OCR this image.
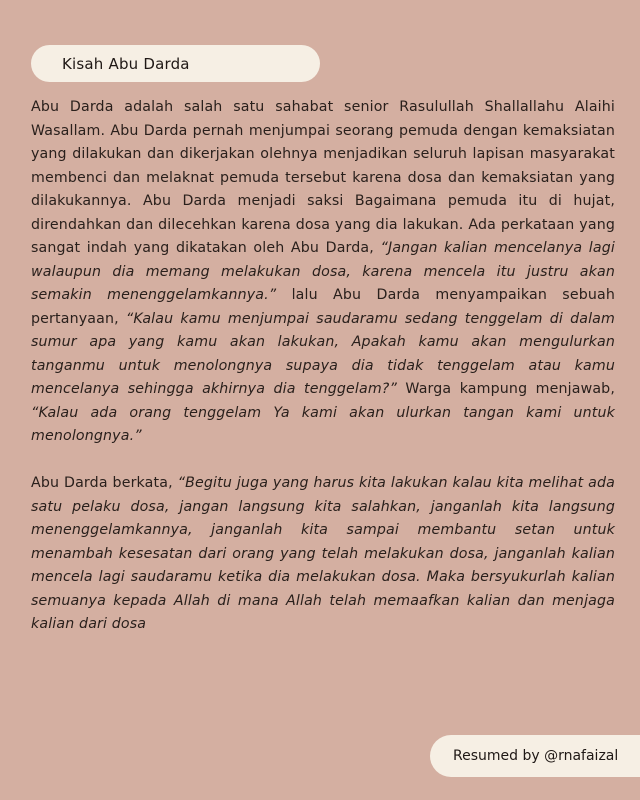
Kisah Abu Darda

Abu Darda adalah salah satu sahabat senior Rasulullah Shallallahu Alaihi Wasallam. Abu Darda pernah menjumpai seorang pemuda dengan kemaksiatan yang dilakukan dan dikerjakan olehnya menjadikan seluruh lapisan masyarakat membenci dan melaknat pemuda tersebut karena dosa dan kemaksiatan yang dilakukannya. Abu Darda menjadi saksi Bagaimana pemuda itu di hujat, direndahkan dan dilecehkan karena dosa yang dia lakukan. Ada perkataan yang sangat indah yang dikatakan oleh Abu Darda, “Jangan kalian mencelanya lagi walaupun dia memang melakukan dosa, karena mencela itu justru akan semakin menenggelamkannya.” lalu Abu Darda menyampaikan sebuah pertanyaan, “Kalau kamu menjumpai saudaramu sedang tenggelam di dalam sumur apa yang kamu akan lakukan, Apakah kamu akan mengulurkan tanganmu untuk menolongnya supaya dia tidak tenggelam atau kamu mencelanya sehingga akhirnya dia tenggelam?” Warga kampung menjawab, “Kalau ada orang tenggelam Ya kami akan ulurkan tangan kami untuk menolongnya.”

Abu Darda berkata, “Begitu juga yang harus kita lakukan kalau kita melihat ada satu pelaku dosa, jangan langsung kita salahkan, janganlah kita langsung menenggelamkannya, janganlah kita sampai membantu setan untuk menambah kesesatan dari orang yang telah melakukan dosa, janganlah kalian mencela lagi saudaramu ketika dia melakukan dosa. Maka bersyukurlah kalian semuanya kepada Allah di mana Allah telah memaafkan kalian dan menjaga kalian dari dosa

Resumed by @rnafaizal
